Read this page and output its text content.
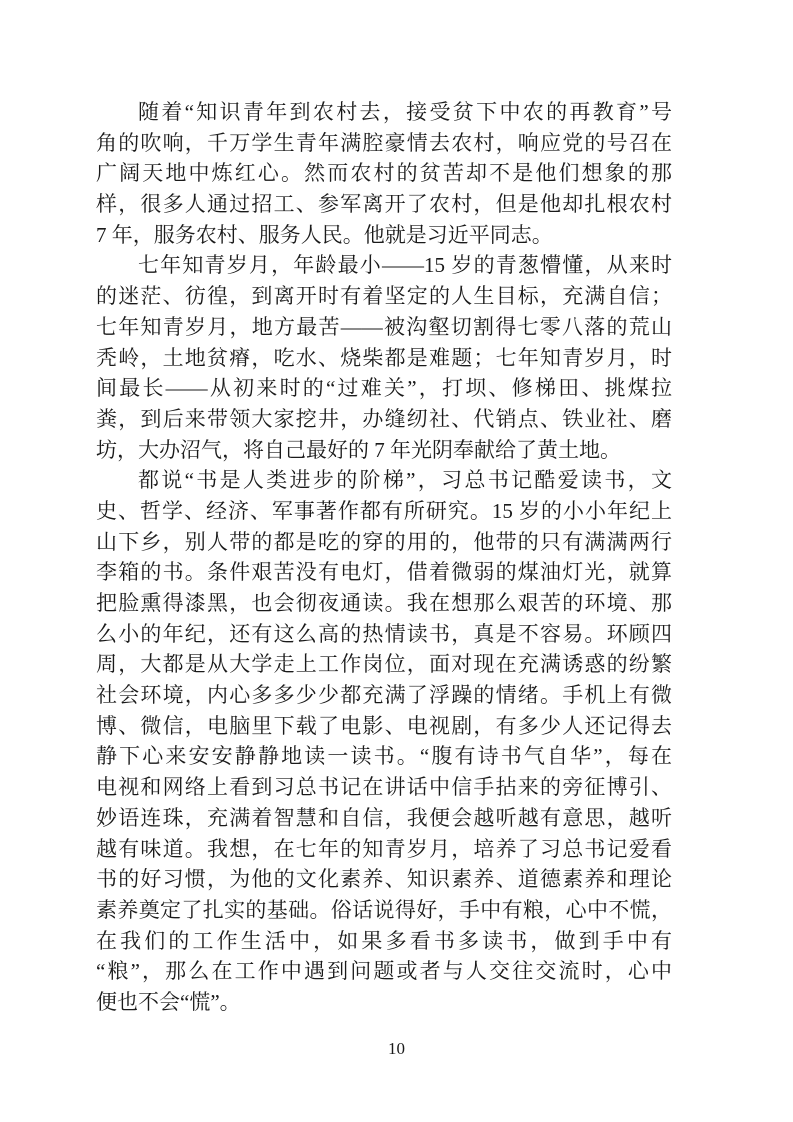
随着“知识青年到农村去，接受贫下中农的再教育”号
角的吹响，千万学生青年满腔豪情去农村，响应党的号召在
广阔天地中炼红心。然而农村的贫苦却不是他们想象的那
样，很多人通过招工、参军离开了农村，但是他却扎根农村
7 年，服务农村、服务人民。他就是习近平同志。
七年知青岁月，年龄最小——15 岁的青葱懵懂，从来时
的迷茫、彷徨，到离开时有着坚定的人生目标，充满自信；
七年知青岁月，地方最苦——被沟壑切割得七零八落的荒山
秃岭，土地贫瘠，吃水、烧柴都是难题；七年知青岁月，时
间最长——从初来时的“过难关”，打坝、修梯田、挑煤拉
粪，到后来带领大家挖井，办缝纫社、代销点、铁业社、磨
坊，大办沼气，将自己最好的 7 年光阴奉献给了黄土地。
都说“书是人类进步的阶梯”，习总书记酷爱读书，文
史、哲学、经济、军事著作都有所研究。15 岁的小小年纪上
山下乡，别人带的都是吃的穿的用的，他带的只有满满两行
李箱的书。条件艰苦没有电灯，借着微弱的煤油灯光，就算
把脸熏得漆黑，也会彻夜通读。我在想那么艰苦的环境、那
么小的年纪，还有这么高的热情读书，真是不容易。环顾四
周，大都是从大学走上工作岗位，面对现在充满诱惑的纷繁
社会环境，内心多多少少都充满了浮躁的情绪。手机上有微
博、微信，电脑里下载了电影、电视剧，有多少人还记得去
静下心来安安静静地读一读书。“腹有诗书气自华”，每在
电视和网络上看到习总书记在讲话中信手拈来的旁征博引、
妙语连珠，充满着智慧和自信，我便会越听越有意思，越听
越有味道。我想，在七年的知青岁月，培养了习总书记爱看
书的好习惯，为他的文化素养、知识素养、道德素养和理论
素养奠定了扎实的基础。俗话说得好，手中有粮，心中不慌，
在我们的工作生活中，如果多看书多读书，做到手中有
“粮”，那么在工作中遇到问题或者与人交往交流时，心中
便也不会“慌”。
10
